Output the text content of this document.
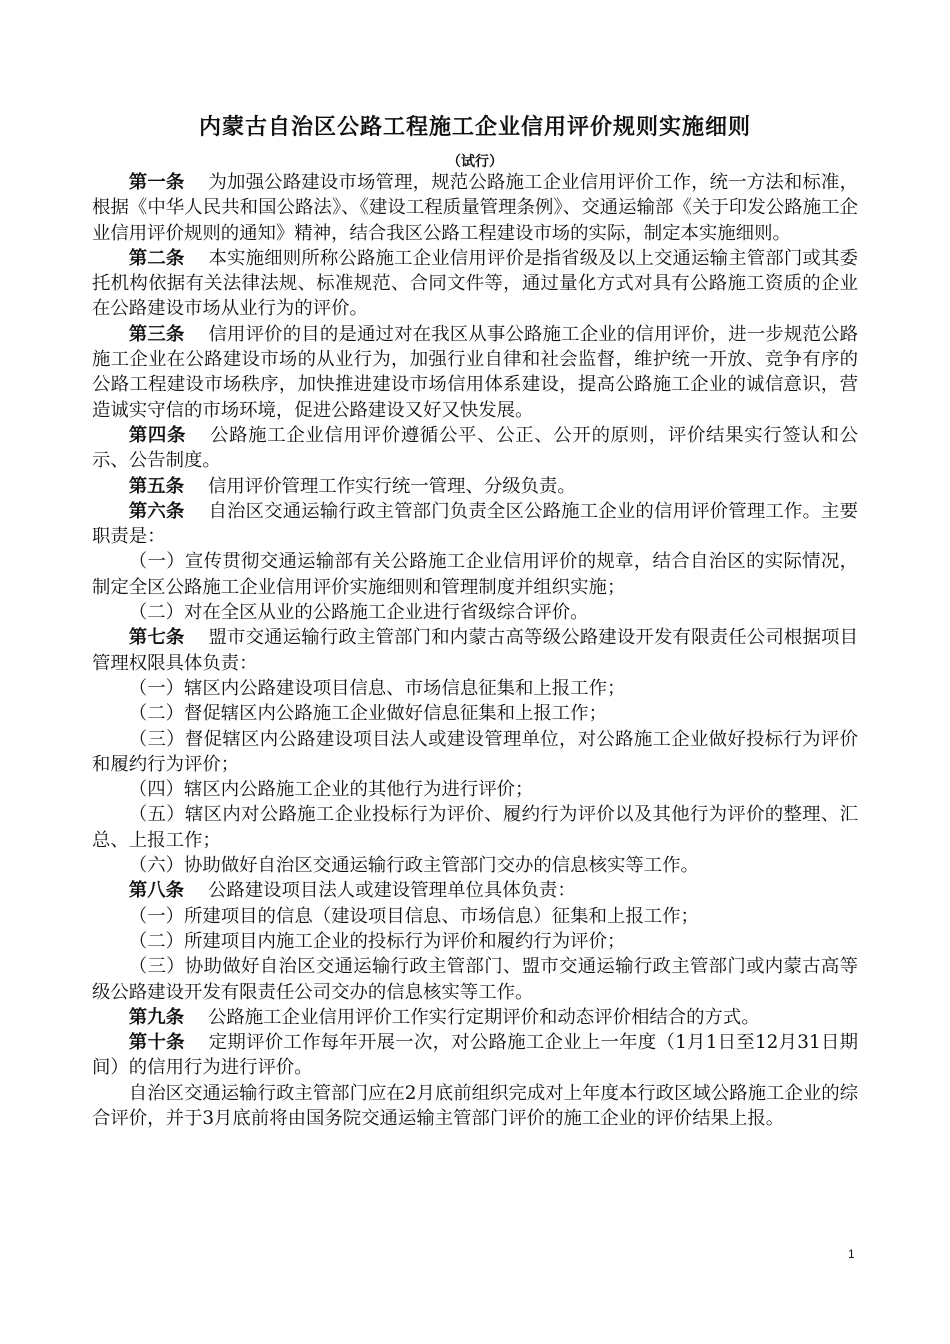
内蒙古自治区公路工程施工企业信用评价规则实施细则
（试行）

第一条 为加强公路建设市场管理，规范公路施工企业信用评价工作，统一方法和标准，根据《中华人民共和国公路法》、《建设工程质量管理条例》、交通运输部《关于印发公路施工企业信用评价规则的通知》精神，结合我区公路工程建设市场的实际，制定本实施细则。

第二条 本实施细则所称公路施工企业信用评价是指省级及以上交通运输主管部门或其委托机构依据有关法律法规、标准规范、合同文件等，通过量化方式对具有公路施工资质的企业在公路建设市场从业行为的评价。

第三条 信用评价的目的是通过对在我区从事公路施工企业的信用评价，进一步规范公路施工企业在公路建设市场的从业行为，加强行业自律和社会监督，维护统一开放、竞争有序的公路工程建设市场秩序，加快推进建设市场信用体系建设，提高公路施工企业的诚信意识，营造诚实守信的市场环境，促进公路建设又好又快发展。

第四条 公路施工企业信用评价遵循公平、公正、公开的原则，评价结果实行签认和公示、公告制度。

第五条 信用评价管理工作实行统一管理、分级负责。

第六条 自治区交通运输行政主管部门负责全区公路施工企业的信用评价管理工作。主要职责是：

（一）宣传贯彻交通运输部有关公路施工企业信用评价的规章，结合自治区的实际情况，制定全区公路施工企业信用评价实施细则和管理制度并组织实施；

（二）对在全区从业的公路施工企业进行省级综合评价。

第七条 盟市交通运输行政主管部门和内蒙古高等级公路建设开发有限责任公司根据项目管理权限具体负责：

（一）辖区内公路建设项目信息、市场信息征集和上报工作；

（二）督促辖区内公路施工企业做好信息征集和上报工作；

（三）督促辖区内公路建设项目法人或建设管理单位，对公路施工企业做好投标行为评价和履约行为评价；

（四）辖区内公路施工企业的其他行为进行评价；

（五）辖区内对公路施工企业投标行为评价、履约行为评价以及其他行为评价的整理、汇总、上报工作；

（六）协助做好自治区交通运输行政主管部门交办的信息核实等工作。

第八条 公路建设项目法人或建设管理单位具体负责：

（一）所建项目的信息（建设项目信息、市场信息）征集和上报工作；

（二）所建项目内施工企业的投标行为评价和履约行为评价；

（三）协助做好自治区交通运输行政主管部门、盟市交通运输行政主管部门或内蒙古高等级公路建设开发有限责任公司交办的信息核实等工作。

第九条 公路施工企业信用评价工作实行定期评价和动态评价相结合的方式。

第十条 定期评价工作每年开展一次，对公路施工企业上一年度（1月1日至12月31日期间）的信用行为进行评价。

自治区交通运输行政主管部门应在2月底前组织完成对上年度本行政区域公路施工企业的综合评价，并于3月底前将由国务院交通运输主管部门评价的施工企业的评价结果上报。

1
